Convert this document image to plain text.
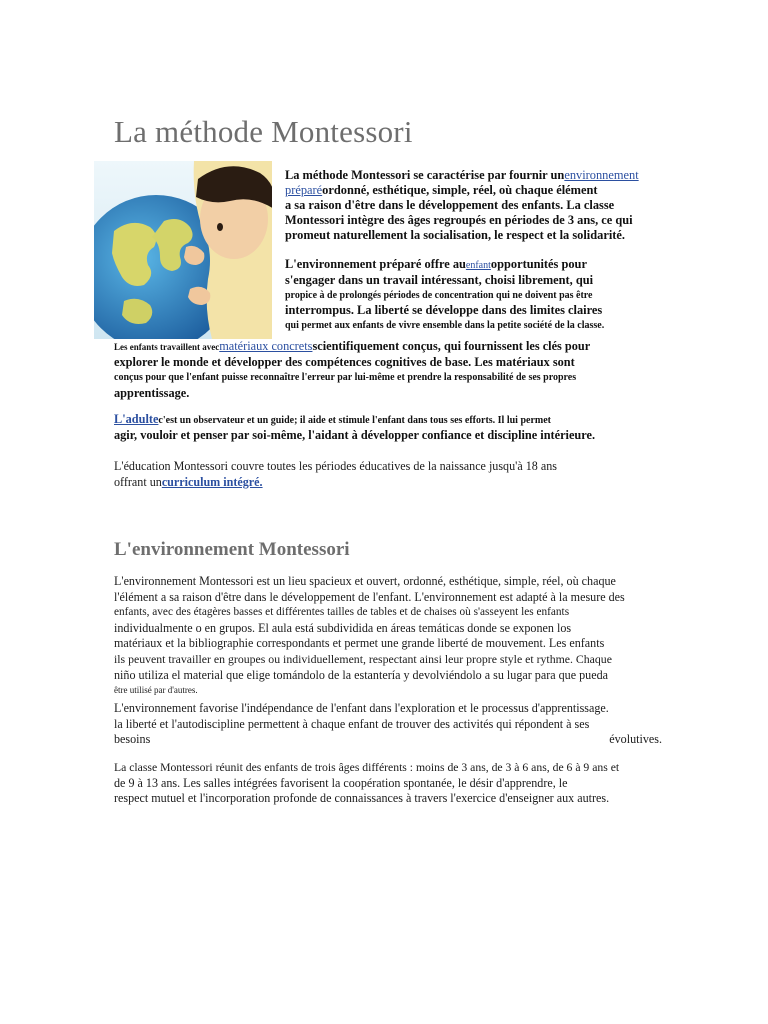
La méthode Montessori
La méthode Montessori se caractérise par fournir unenvironnement
préparéordonné, esthétique, simple, réel, où chaque élément
a sa raison d'être dans le développement des enfants. La classe
Montessori intègre des âges regroupés en périodes de 3 ans, ce qui
promeut naturellement la socialisation, le respect et la solidarité.
L'environnement préparé offre auenfantopportunités pour
s'engager dans un travail intéressant, choisi librement, qui
propice à de prolongés périodes de concentration qui ne doivent pas être
interrompus. La liberté se développe dans des limites claires
qui permet aux enfants de vivre ensemble dans la petite société de la classe.
Les enfants travaillent avecmatériaux concretsscientifiquement conçus, qui fournissent les clés pour
explorer le monde et développer des compétences cognitives de base. Les matériaux sont
conçus pour que l'enfant puisse reconnaître l'erreur par lui-même et prendre la responsabilité de ses propres
apprentissage.
L'adultec'est un observateur et un guide; il aide et stimule l'enfant dans tous ses efforts. Il lui permet
agir, vouloir et penser par soi-même, l'aidant à développer confiance et discipline intérieure.
L'éducation Montessori couvre toutes les périodes éducatives de la naissance jusqu'à 18 ans
offrant uncurriculum intégré.
L'environnement Montessori
L'environnement Montessori est un lieu spacieux et ouvert, ordonné, esthétique, simple, réel, où chaque
l'élément a sa raison d'être dans le développement de l'enfant. L'environnement est adapté à la mesure des
enfants, avec des étagères basses et différentes tailles de tables et de chaises où s'asseyent les enfants
individualmente o en grupos. El aula está subdividida en áreas temáticas donde se exponen los
matériaux et la bibliographie correspondants et permet une grande liberté de mouvement. Les enfants
ils peuvent travailler en groupes ou individuellement, respectant ainsi leur propre style et rythme. Chaque
niño utiliza el material que elige tomándolo de la estantería y devolviéndolo a su lugar para que pueda
être utilisé par d'autres.
L'environnement favorise l'indépendance de l'enfant dans l'exploration et le processus d'apprentissage.
la liberté et l'autodiscipline permettent à chaque enfant de trouver des activités qui répondent à ses
besoins	évolutives.
La classe Montessori réunit des enfants de trois âges différents : moins de 3 ans, de 3 à 6 ans, de 6 à 9 ans et
de 9 à 13 ans. Les salles intégrées favorisent la coopération spontanée, le désir d'apprendre, le
respect mutuel et l'incorporation profonde de connaissances à travers l'exercice d'enseigner aux autres.
